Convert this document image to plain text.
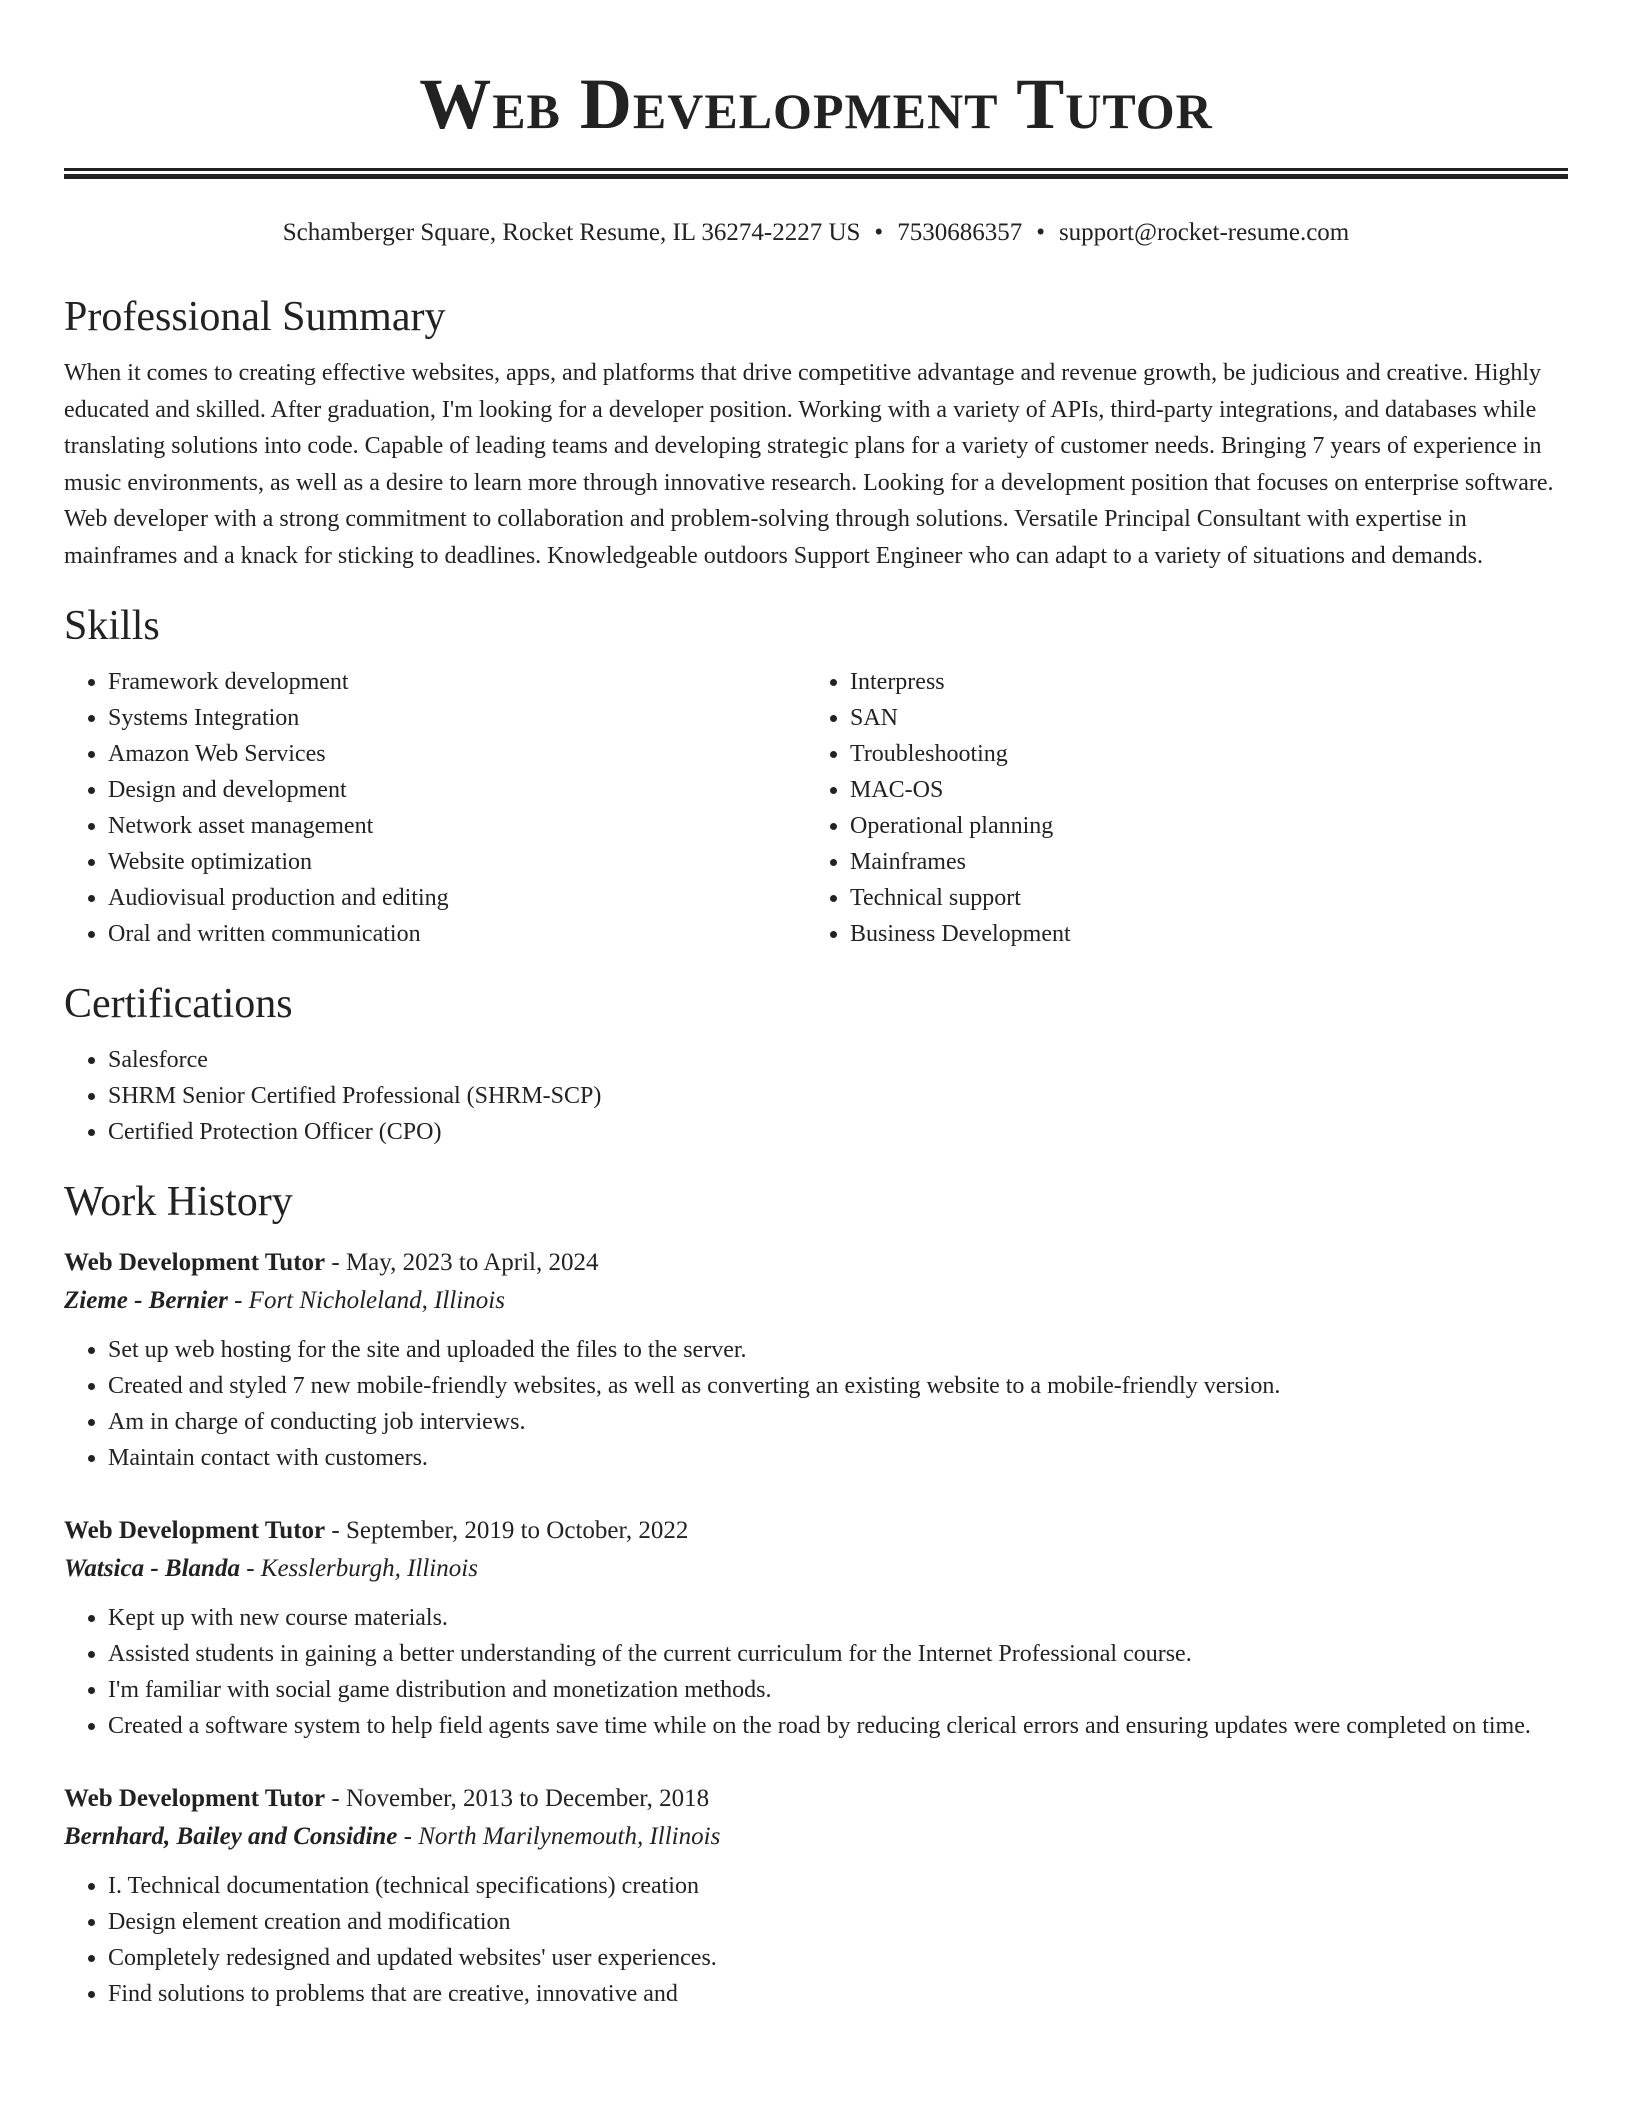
Web Development Tutor
Schamberger Square, Rocket Resume, IL 36274-2227 US • 7530686357 • support@rocket-resume.com
Professional Summary

When it comes to creating effective websites, apps, and platforms that drive competitive advantage and revenue growth, be judicious and creative. Highly educated and skilled. After graduation, I'm looking for a developer position. Working with a variety of APIs, third-party integrations, and databases while translating solutions into code. Capable of leading teams and developing strategic plans for a variety of customer needs. Bringing 7 years of experience in music environments, as well as a desire to learn more through innovative research. Looking for a development position that focuses on enterprise software. Web developer with a strong commitment to collaboration and problem-solving through solutions. Versatile Principal Consultant with expertise in mainframes and a knack for sticking to deadlines. Knowledgeable outdoors Support Engineer who can adapt to a variety of situations and demands.

Skills
• Framework development
• Systems Integration
• Amazon Web Services
• Design and development
• Network asset management
• Website optimization
• Audiovisual production and editing
• Oral and written communication
• Interpress
• SAN
• Troubleshooting
• MAC-OS
• Operational planning
• Mainframes
• Technical support
• Business Development
Certifications
• Salesforce
• SHRM Senior Certified Professional (SHRM-SCP)
• Certified Protection Officer (CPO)
Work History
Web Development Tutor - May, 2023 to April, 2024
Zieme - Bernier - Fort Nicholeland, Illinois
• Set up web hosting for the site and uploaded the files to the server.
• Created and styled 7 new mobile-friendly websites, as well as converting an existing website to a mobile-friendly version.
• Am in charge of conducting job interviews.
• Maintain contact with customers.
Web Development Tutor - September, 2019 to October, 2022
Watsica - Blanda - Kesslerburgh, Illinois
• Kept up with new course materials.
• Assisted students in gaining a better understanding of the current curriculum for the Internet Professional course.
• I'm familiar with social game distribution and monetization methods.
• Created a software system to help field agents save time while on the road by reducing clerical errors and ensuring updates were completed on time.
Web Development Tutor - November, 2013 to December, 2018
Bernhard, Bailey and Considine - North Marilynemouth, Illinois
• I. Technical documentation (technical specifications) creation
• Design element creation and modification
• Completely redesigned and updated websites' user experiences.
• Find solutions to problems that are creative, innovative and
